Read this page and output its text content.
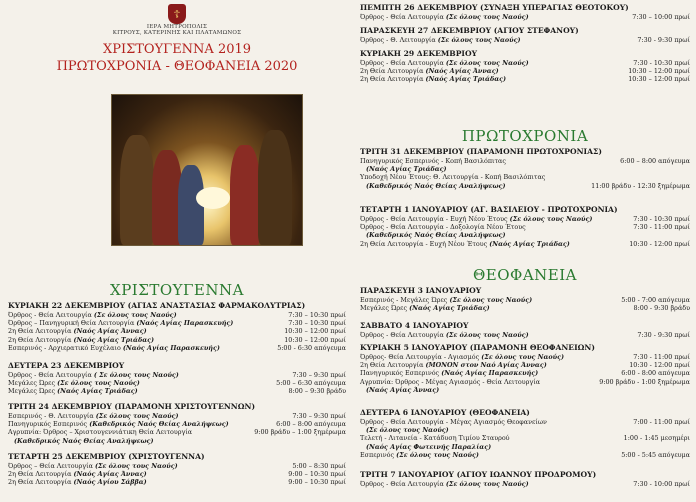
☦
ΙΕΡΑ ΜΗΤΡΟΠΟΛΙΣ
ΚΙΤΡΟΥΣ, ΚΑΤΕΡΙΝΗΣ ΚΑΙ ΠΛΑΤΑΜΩΝΟΣ
ΧΡΙΣΤΟΥΓΕΝΝΑ 2019
ΠΡΩΤΟΧΡΟΝΙΑ - ΘΕΟΦΑΝΕΙΑ 2020
ΧΡΙΣΤΟΥΓΕΝΝΑ
ΚΥΡΙΑΚΗ 22 ΔΕΚΕΜΒΡΙΟΥ (ΑΓΙΑΣ ΑΝΑΣΤΑΣΙΑΣ ΦΑΡΜΑΚΟΛΥΤΡΙΑΣ)
Όρθρος - Θεία Λειτουργία (Σε όλους τους Ναούς)	7:30 – 10:30 πρωί
Όρθρος – Πανηγυρική Θεία Λειτουργία (Ναός Αγίας Παρασκευής)	7:30 – 10:30 πρωί
2η Θεία Λειτουργία (Ναός Αγίας Άννας)	10:30 – 12:00 πρωί
2η Θεία Λειτουργία (Ναός Αγίας Τριάδας)	10:30 – 12:00 πρωί
Εσπερινός - Αρχιερατικό Ευχέλαιο (Ναός Αγίας Παρασκευής)	5:00 - 6:30 απόγευμα
ΔΕΥΤΕΡΑ 23 ΔΕΚΕΜΒΡΙΟΥ
Όρθρος - Θεία Λειτουργία ( Σε όλους τους Ναούς)	7:30 – 9:30 πρωί
Μεγάλες Ώρες (Σε όλους τους Ναούς)	5:00 – 6:30 απόγευμα
Μεγάλες Ώρες (Ναός Αγίας Τριάδας)	8:00 – 9:30 βράδυ
ΤΡΙΤΗ 24 ΔΕΚΕΜΒΡΙΟΥ (ΠΑΡΑΜΟΝΗ ΧΡΙΣΤΟΥΓΕΝΝΩΝ)
Εσπερινός - Θ. Λειτουργία (Σε όλους τους Ναούς)	7:30 – 9:30 πρωί
Πανηγυρικός Εσπερινός (Καθεδρικός Ναός Θείας Αναλήψεως)	6:00 – 8:00 απόγευμα
Αγρυπνία: Όρθρος – Χριστουγεννιάτικη Θεία Λειτουργία	9:00 βράδυ – 1:00 ξημέρωμα
(Καθεδρικός Ναός Θείας Αναλήψεως)
ΤΕΤΑΡΤΗ 25 ΔΕΚΕΜΒΡΙΟΥ (ΧΡΙΣΤΟΥΓΕΝΝΑ)
Όρθρος – Θεία Λειτουργία (Σε όλους τους Ναούς)	5:00 – 8:30 πρωί
2η Θεία Λειτουργία (Ναός Αγίας Άννας)	9:00 – 10:30 πρωί
2η Θεία Λειτουργία (Ναός Αγίου Σάββα)	9:00 – 10:30 πρωί
ΠΕΜΠΤΗ 26 ΔΕΚΕΜΒΡΙΟΥ (ΣΥΝΑΞΗ ΥΠΕΡΑΓΙΑΣ ΘΕΟΤΟΚΟΥ)
Όρθρος - Θεία Λειτουργία (Σε όλους τους Ναούς)	7:30 – 10:00 πρωί
ΠΑΡΑΣΚΕΥΗ 27 ΔΕΚΕΜΒΡΙΟΥ (ΑΓΙΟΥ ΣΤΕΦΑΝΟΥ)
Όρθρος - Θ. Λειτουργία (Σε όλους τους Ναούς)	7:30 - 9:30 πρωί
ΚΥΡΙΑΚΗ 29 ΔΕΚΕΜΒΡΙΟΥ
Όρθρος - Θεία Λειτουργία (Σε όλους τους Ναούς)	7:30 - 10:30 πρωί
2η Θεία Λειτουργία (Ναός Αγίας Άννας)	10:30 – 12:00 πρωί
2η Θεία Λειτουργία (Ναός Αγίας Τριάδας)	10:30 – 12:00 πρωί
ΠΡΩΤΟΧΡΟΝΙΑ
ΤΡΙΤΗ 31 ΔΕΚΕΜΒΡΙΟΥ (ΠΑΡΑΜΟΝΗ ΠΡΩΤΟΧΡΟΝΙΑΣ)
Πανηγυρικός Εσπερινός - Κοπή Βασιλόπιτας	6:00 – 8:00 απόγευμα
(Ναός Αγίας Τριάδας)
Υποδοχή Νέου Έτους: Θ. Λειτουργία - Κοπή Βασιλόπιτας
(Καθεδρικός Ναός Θείας Αναλήψεως)	11:00 βράδυ - 12:30 ξημέρωμα
ΤΕΤΑΡΤΗ 1 ΙΑΝΟΥΑΡΙΟΥ (ΑΓ. ΒΑΣΙΛΕΙΟΥ - ΠΡΩΤΟΧΡΟΝΙΑ)
Όρθρος - Θεία Λειτουργία - Ευχή Νέου Έτους (Σε όλους τους Ναούς)	7:30 - 10:30 πρωί
Όρθρος - Θεία Λειτουργία - Δοξολογία Νέου Έτους	7:30 - 11:00 πρωί
(Καθεδρικός Ναός Θείας Αναλήψεως)
2η Θεία Λειτουργία - Ευχή Νέου Έτους (Ναός Αγίας Τριάδας)	10:30 - 12:00 πρωί
ΘΕΟΦΑΝΕΙΑ
ΠΑΡΑΣΚΕΥΗ 3 ΙΑΝΟΥΑΡΙΟΥ
Εσπερινός - Μεγάλες Ώρες (Σε όλους τους Ναούς)	5:00 - 7:00 απόγευμα
Μεγάλες Ώρες (Ναός Αγίας Τριάδας)	8:00 - 9:30 βράδυ
ΣΑΒΒΑΤΟ 4 ΙΑΝΟΥΑΡΙΟΥ
Όρθρος - Θεία Λειτουργία (Σε όλους τους Ναούς)	7:30 - 9:30 πρωί
ΚΥΡΙΑΚΗ 5 ΙΑΝΟΥΑΡΙΟΥ (ΠΑΡΑΜΟΝΗ ΘΕΟΦΑΝΕΙΩΝ)
Όρθρος- Θεία Λειτουργία - Αγιασμός (Σε όλους τους Ναούς)	7:30 - 11:00 πρωί
2η Θεία Λειτουργία (ΜΟΝΟΝ στον Ναό Αγίας Άννας)	10:30 - 12:00 πρωί
Πανηγυρικός Εσπερινός (Ναός Αγίας Παρασκευής)	6:00 - 8:00 απόγευμα
Αγρυπνία: Όρθρος - Μέγας Αγιασμός - Θεία Λειτουργία	9:00 βράδυ - 1:00 ξημέρωμα
(Ναός Αγίας Άννας)
ΔΕΥΤΕΡΑ 6 ΙΑΝΟΥΑΡΙΟΥ (ΘΕΟΦΑΝΕΙΑ)
Όρθρος - Θεία Λειτουργία - Μέγας Αγιασμός Θεοφανείων	7:00 - 11:00 πρωί
(Σε όλους τους Ναούς)
Τελετή - Λιτανεία - Κατάδυση Τιμίου Σταυρού	1:00 - 1:45 μεσημέρι
(Ναός Αγίας Φωτεινής Παραλίας)
Εσπερινός (Σε όλους τους Ναούς)	5:00 - 5:45 απόγευμα
ΤΡΙΤΗ 7 ΙΑΝΟΥΑΡΙΟΥ (ΑΓΙΟΥ ΙΩΑΝΝΟΥ ΠΡΟΔΡΟΜΟΥ)
Όρθρος - Θεία Λειτουργία (Σε όλους τους Ναούς)	7:30 - 10:00 πρωί
